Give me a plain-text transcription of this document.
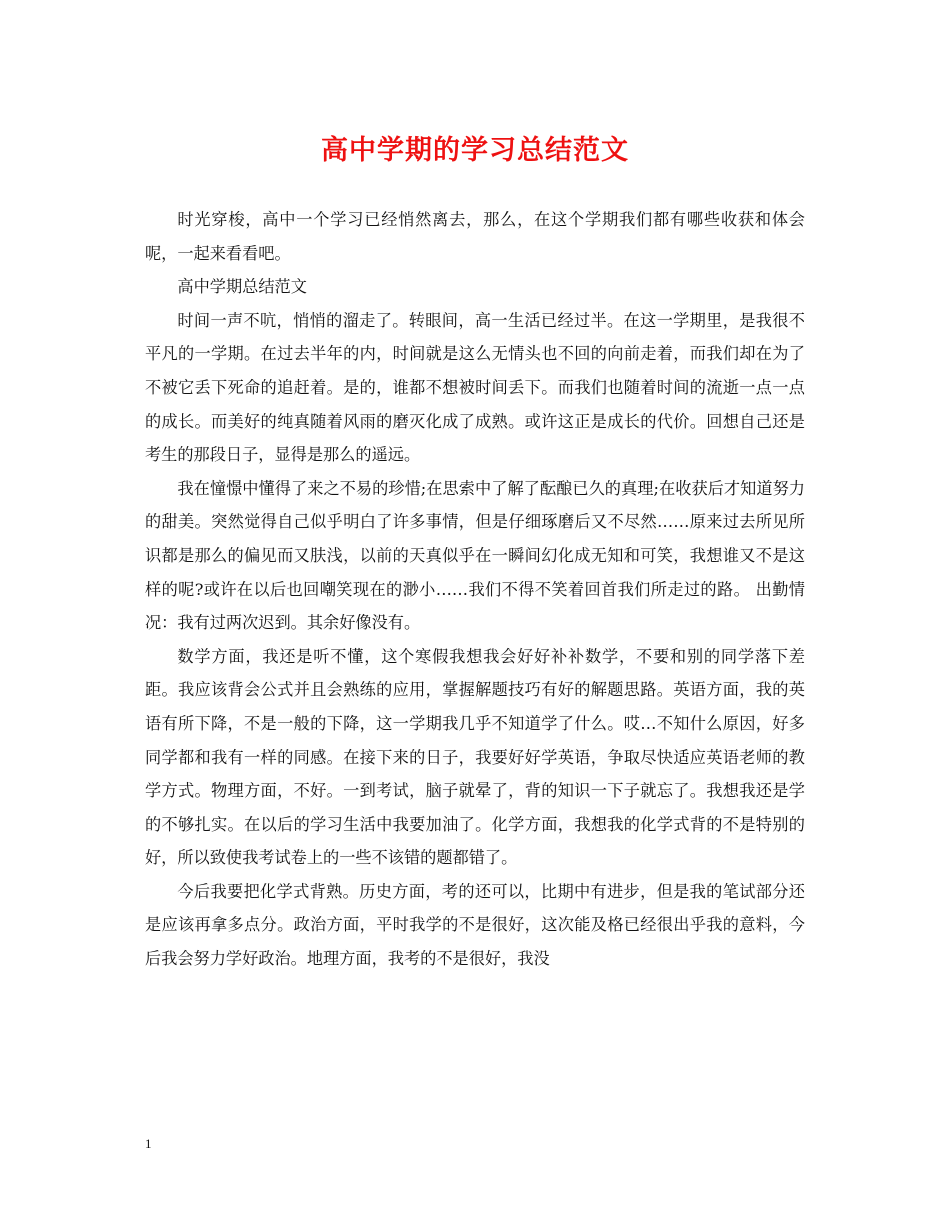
高中学期的学习总结范文

时光穿梭，高中一个学习已经悄然离去，那么，在这个学期我们都有哪些收获和体会呢，一起来看看吧。

高中学期总结范文

时间一声不吭，悄悄的溜走了。转眼间，高一生活已经过半。在这一学期里，是我很不平凡的一学期。在过去半年的内，时间就是这么无情头也不回的向前走着，而我们却在为了不被它丢下死命的追赶着。是的，谁都不想被时间丢下。而我们也随着时间的流逝一点一点的成长。而美好的纯真随着风雨的磨灭化成了成熟。或许这正是成长的代价。回想自己还是考生的那段日子，显得是那么的遥远。

我在憧憬中懂得了来之不易的珍惜;在思索中了解了酝酿已久的真理;在收获后才知道努力的甜美。突然觉得自己似乎明白了许多事情，但是仔细琢磨后又不尽然……原来过去所见所识都是那么的偏见而又肤浅，以前的天真似乎在一瞬间幻化成无知和可笑，我想谁又不是这样的呢?或许在以后也回嘲笑现在的渺小……我们不得不笑着回首我们所走过的路。 出勤情况：我有过两次迟到。其余好像没有。

数学方面，我还是听不懂，这个寒假我想我会好好补补数学，不要和别的同学落下差距。我应该背会公式并且会熟练的应用，掌握解题技巧有好的解题思路。英语方面，我的英语有所下降，不是一般的下降，这一学期我几乎不知道学了什么。哎…不知什么原因，好多同学都和我有一样的同感。在接下来的日子，我要好好学英语，争取尽快适应英语老师的教学方式。物理方面，不好。一到考试，脑子就晕了，背的知识一下子就忘了。我想我还是学的不够扎实。在以后的学习生活中我要加油了。化学方面，我想我的化学式背的不是特别的好，所以致使我考试卷上的一些不该错的题都错了。

今后我要把化学式背熟。历史方面，考的还可以，比期中有进步，但是我的笔试部分还是应该再拿多点分。政治方面，平时我学的不是很好，这次能及格已经很出乎我的意料，今后我会努力学好政治。地理方面，我考的不是很好，我没

1
